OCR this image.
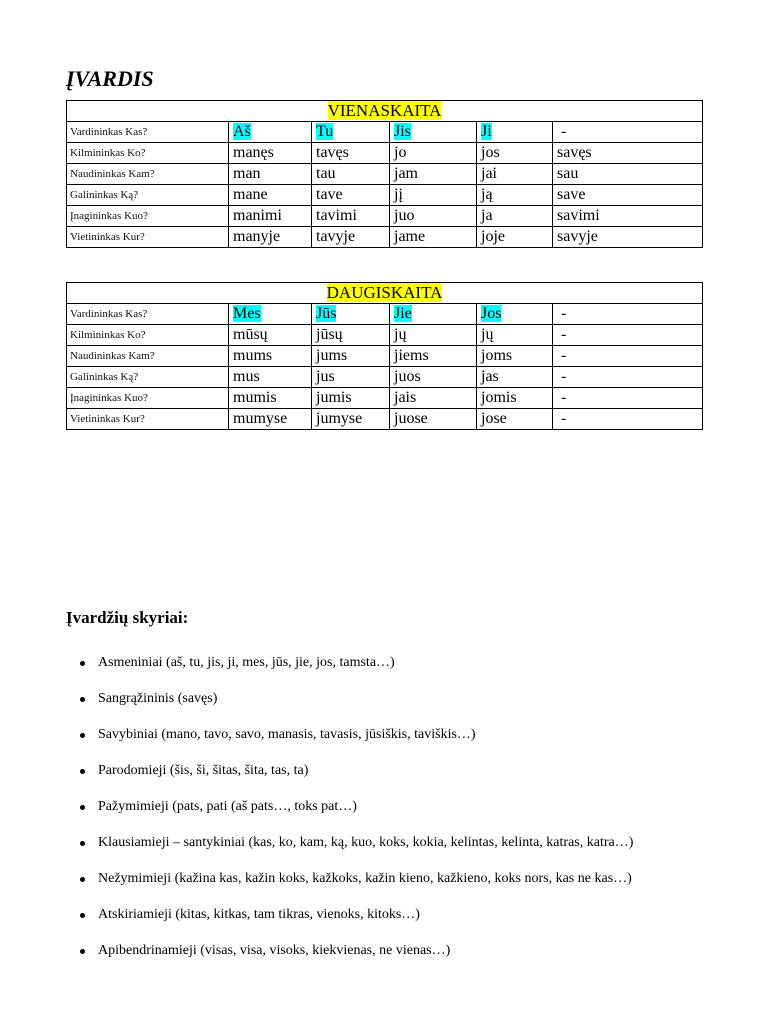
ĮVARDIS
VIENASKAITA					
Vardininkas Kas?	Aš	Tu	Jis	Ji	-
Kilmininkas Ko?	manęs	tavęs	jo	jos	savęs
Naudininkas Kam?	man	tau	jam	jai	sau
Galininkas Ką?	mane	tave	jį	ją	save
Įnagininkas Kuo?	manimi	tavimi	juo	ja	savimi
Vietininkas Kur?	manyje	tavyje	jame	joje	savyje
DAUGISKAITA					
Vardininkas Kas?	Mes	Jūs	Jie	Jos	-
Kilmininkas Ko?	mūsų	jūsų	jų	jų	-
Naudininkas Kam?	mums	jums	jiems	joms	-
Galininkas Ką?	mus	jus	juos	jas	-
Įnagininkas Kuo?	mumis	jumis	jais	jomis	-
Vietininkas Kur?	mumyse	jumyse	juose	jose	-
Įvardžių skyriai:
Asmeniniai (aš, tu, jis, ji, mes, jūs, jie, jos, tamsta…)
Sangrąžininis (savęs)
Savybiniai (mano, tavo, savo, manasis, tavasis, jūsiškis, taviškis…)
Parodomieji (šis, ši, šitas, šita, tas, ta)
Pažymimieji (pats, pati (aš pats…, toks pat…)
Klausiamieji – santykiniai (kas, ko, kam, ką, kuo, koks, kokia, kelintas, kelinta, katras, katra…)
Nežymimieji (kažina kas, kažin koks, kažkoks, kažin kieno, kažkieno, koks nors, kas ne kas…)
Atskiriamieji (kitas, kitkas, tam tikras, vienoks, kitoks…)
Apibendrinamieji (visas, visa, visoks, kiekvienas, ne vienas…)
